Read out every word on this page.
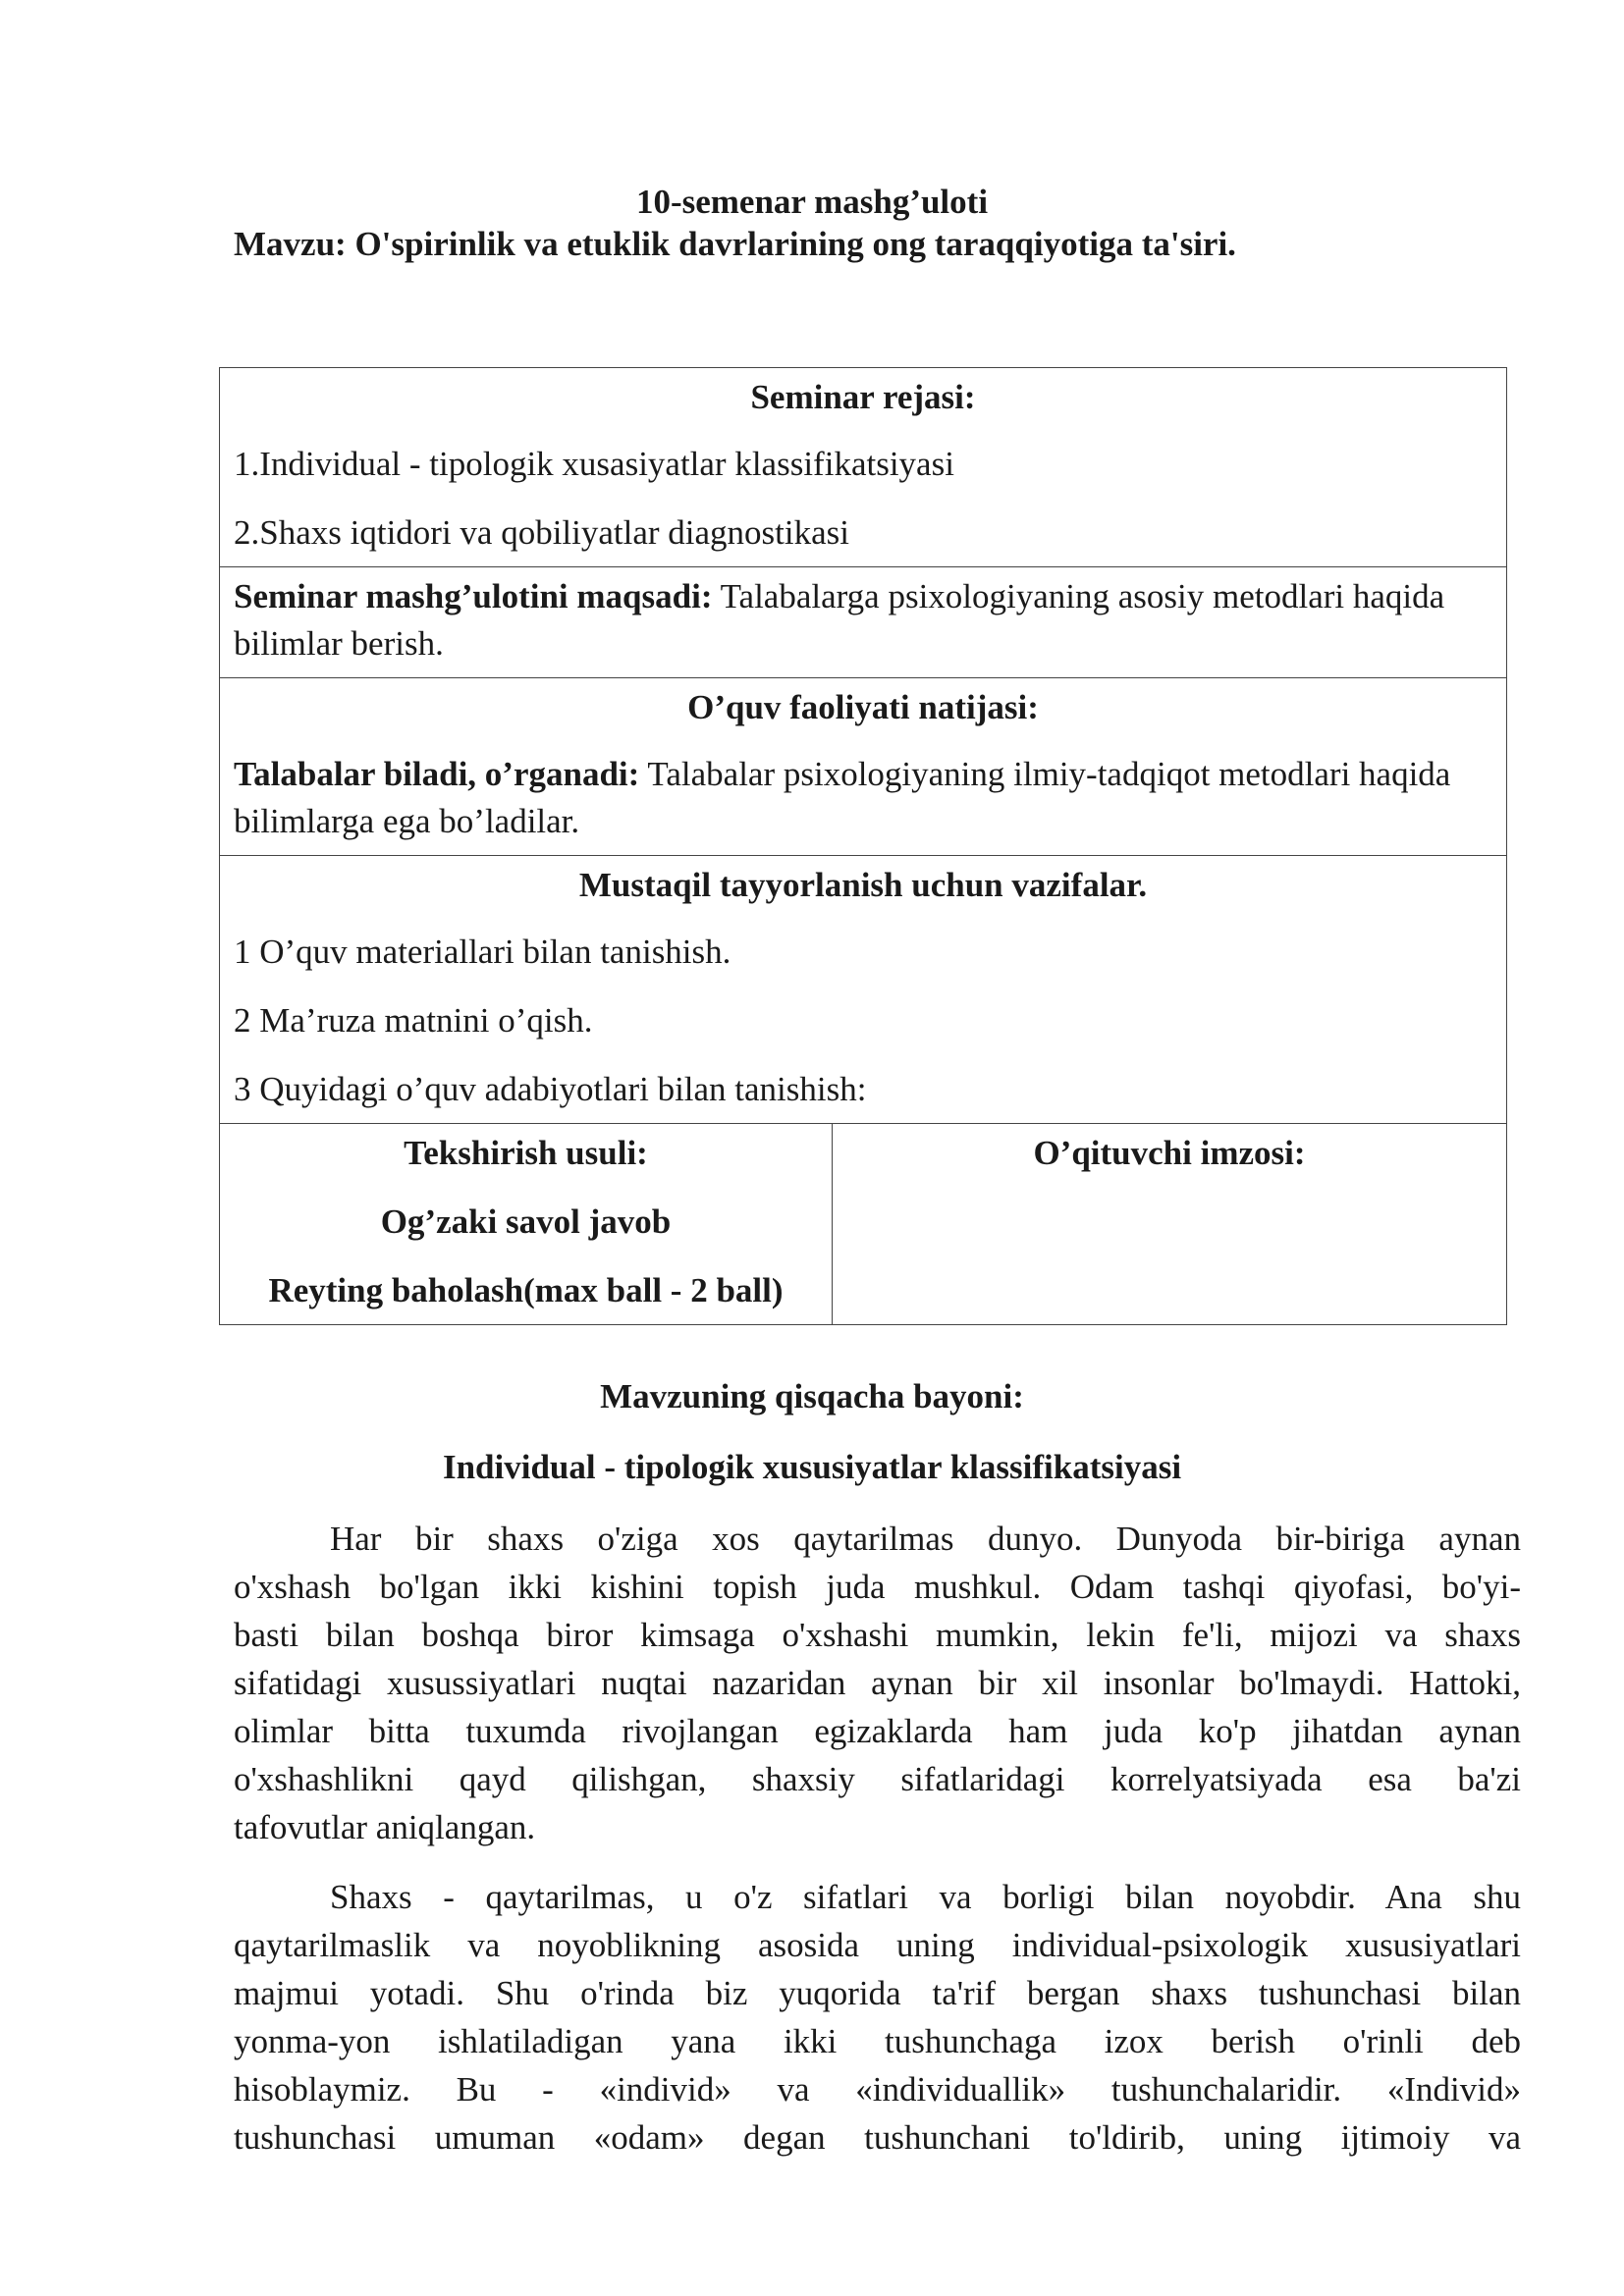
10-semenar mashg’uloti
Mavzu: O'spirinlik va etuklik davrlarining ong taraqqiyotiga ta'siri.

Seminar rejasi:

1.Individual - tipologik xusasiyatlar klassifikatsiyasi

2.Shaxs iqtidori va qobiliyatlar diagnostikasi

Seminar mashg’ulotini maqsadi: Talabalarga psixologiyaning asosiy metodlari haqida bilimlar berish.

O’quv faoliyati natijasi:

Talabalar biladi, o’rganadi: Talabalar psixologiyaning ilmiy-tadqiqot metodlari haqida bilimlarga ega bo’ladilar.

Mustaqil tayyorlanish uchun vazifalar.

1 O’quv materiallari bilan tanishish.

2 Ma’ruza matnini o’qish.

3 Quyidagi o’quv adabiyotlari bilan tanishish:

Tekshirish usuli:

Og’zaki savol javob

Reyting baholash(max ball - 2 ball)

O’qituvchi imzosi:

Mavzuning qisqacha bayoni:
Individual - tipologik xususiyatlar klassifikatsiyasi
Har bir shaxs o'ziga xos qaytarilmas dunyo. Dunyoda bir-biriga aynan
o'xshash bo'lgan ikki kishini topish juda mushkul. Odam tashqi qiyofasi, bo'yi-
basti bilan boshqa biror kimsaga o'xshashi mumkin, lekin fe'li, mijozi va shaxs
sifatidagi xusussiyatlari nuqtai nazaridan aynan bir xil insonlar bo'lmaydi. Hattoki,
olimlar bitta tuxumda rivojlangan egizaklarda ham juda ko'p jihatdan aynan
o'xshashlikni qayd qilishgan, shaxsiy sifatlaridagi korrelyatsiyada esa ba'zi
tafovutlar aniqlangan.
Shaxs - qaytarilmas, u o'z sifatlari va borligi bilan noyobdir. Ana shu
qaytarilmaslik va noyoblikning asosida uning individual-psixologik xususiyatlari
majmui yotadi. Shu o'rinda biz yuqorida ta'rif bergan shaxs tushunchasi bilan
yonma-yon ishlatiladigan yana ikki tushunchaga izox berish o'rinli deb
hisoblaymiz. Bu - «individ» va «individuallik» tushunchalaridir. «Individ»
tushunchasi umuman «odam» degan tushunchani to'ldirib, uning ijtimoiy va
